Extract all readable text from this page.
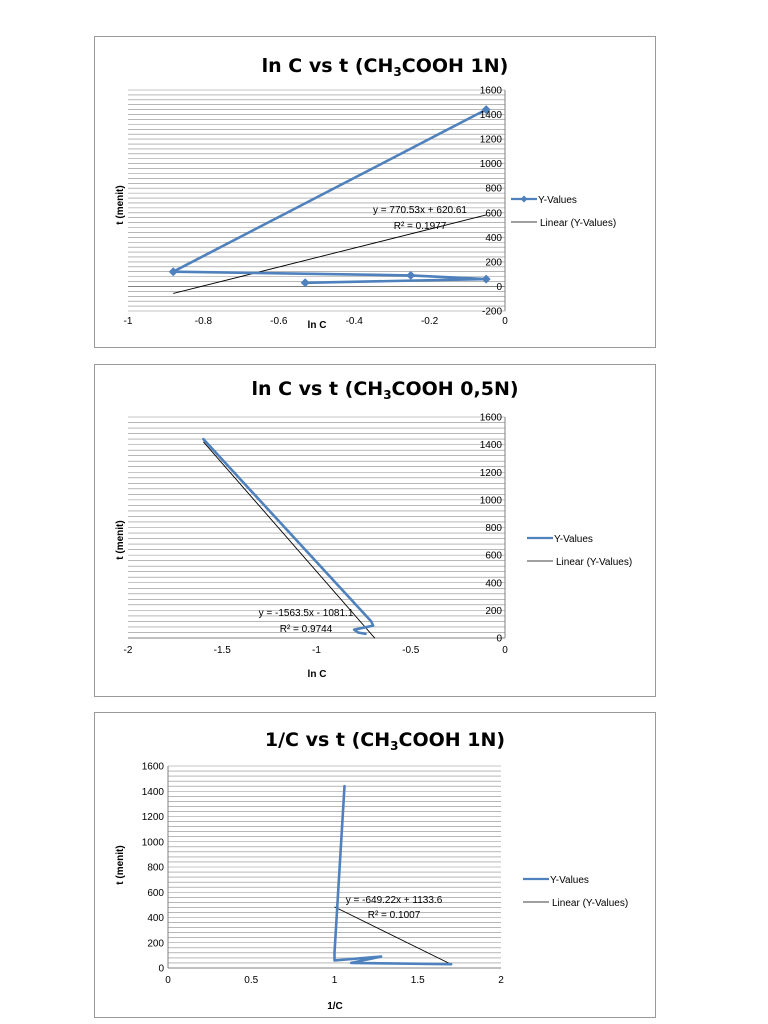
ln C vs t ($CH_3COOH$ 1N)
-200
0
200
400
600
800
1000
1200
1400
1600
-1	-0.8	-0.6	-0.4	-0.2	0
ln C
t (menit)	y = 770.53x + 620.61
R² = 0.1977
Y-Values
Linear (Y-Values)
ln C vs t ($CH_3COOH$ 0,5N)
0
200
400
600
800
1000
1200
1400
1600
-2	-1.5	-1	-0.5	0
ln C
t (menit)
y = -1563.5x - 1081.1
R² = 0.9744
Y-Values
Linear (Y-Values)
1/C vs t ($CH_3COOH$ 1N)
0
200
400
600
800
1000
1200
1400
1600
0	0.5	1	1.5	2
1/C
t (menit)
y = -649.22x + 1133.6
R² = 0.1007
Y-Values
Linear (Y-Values)
